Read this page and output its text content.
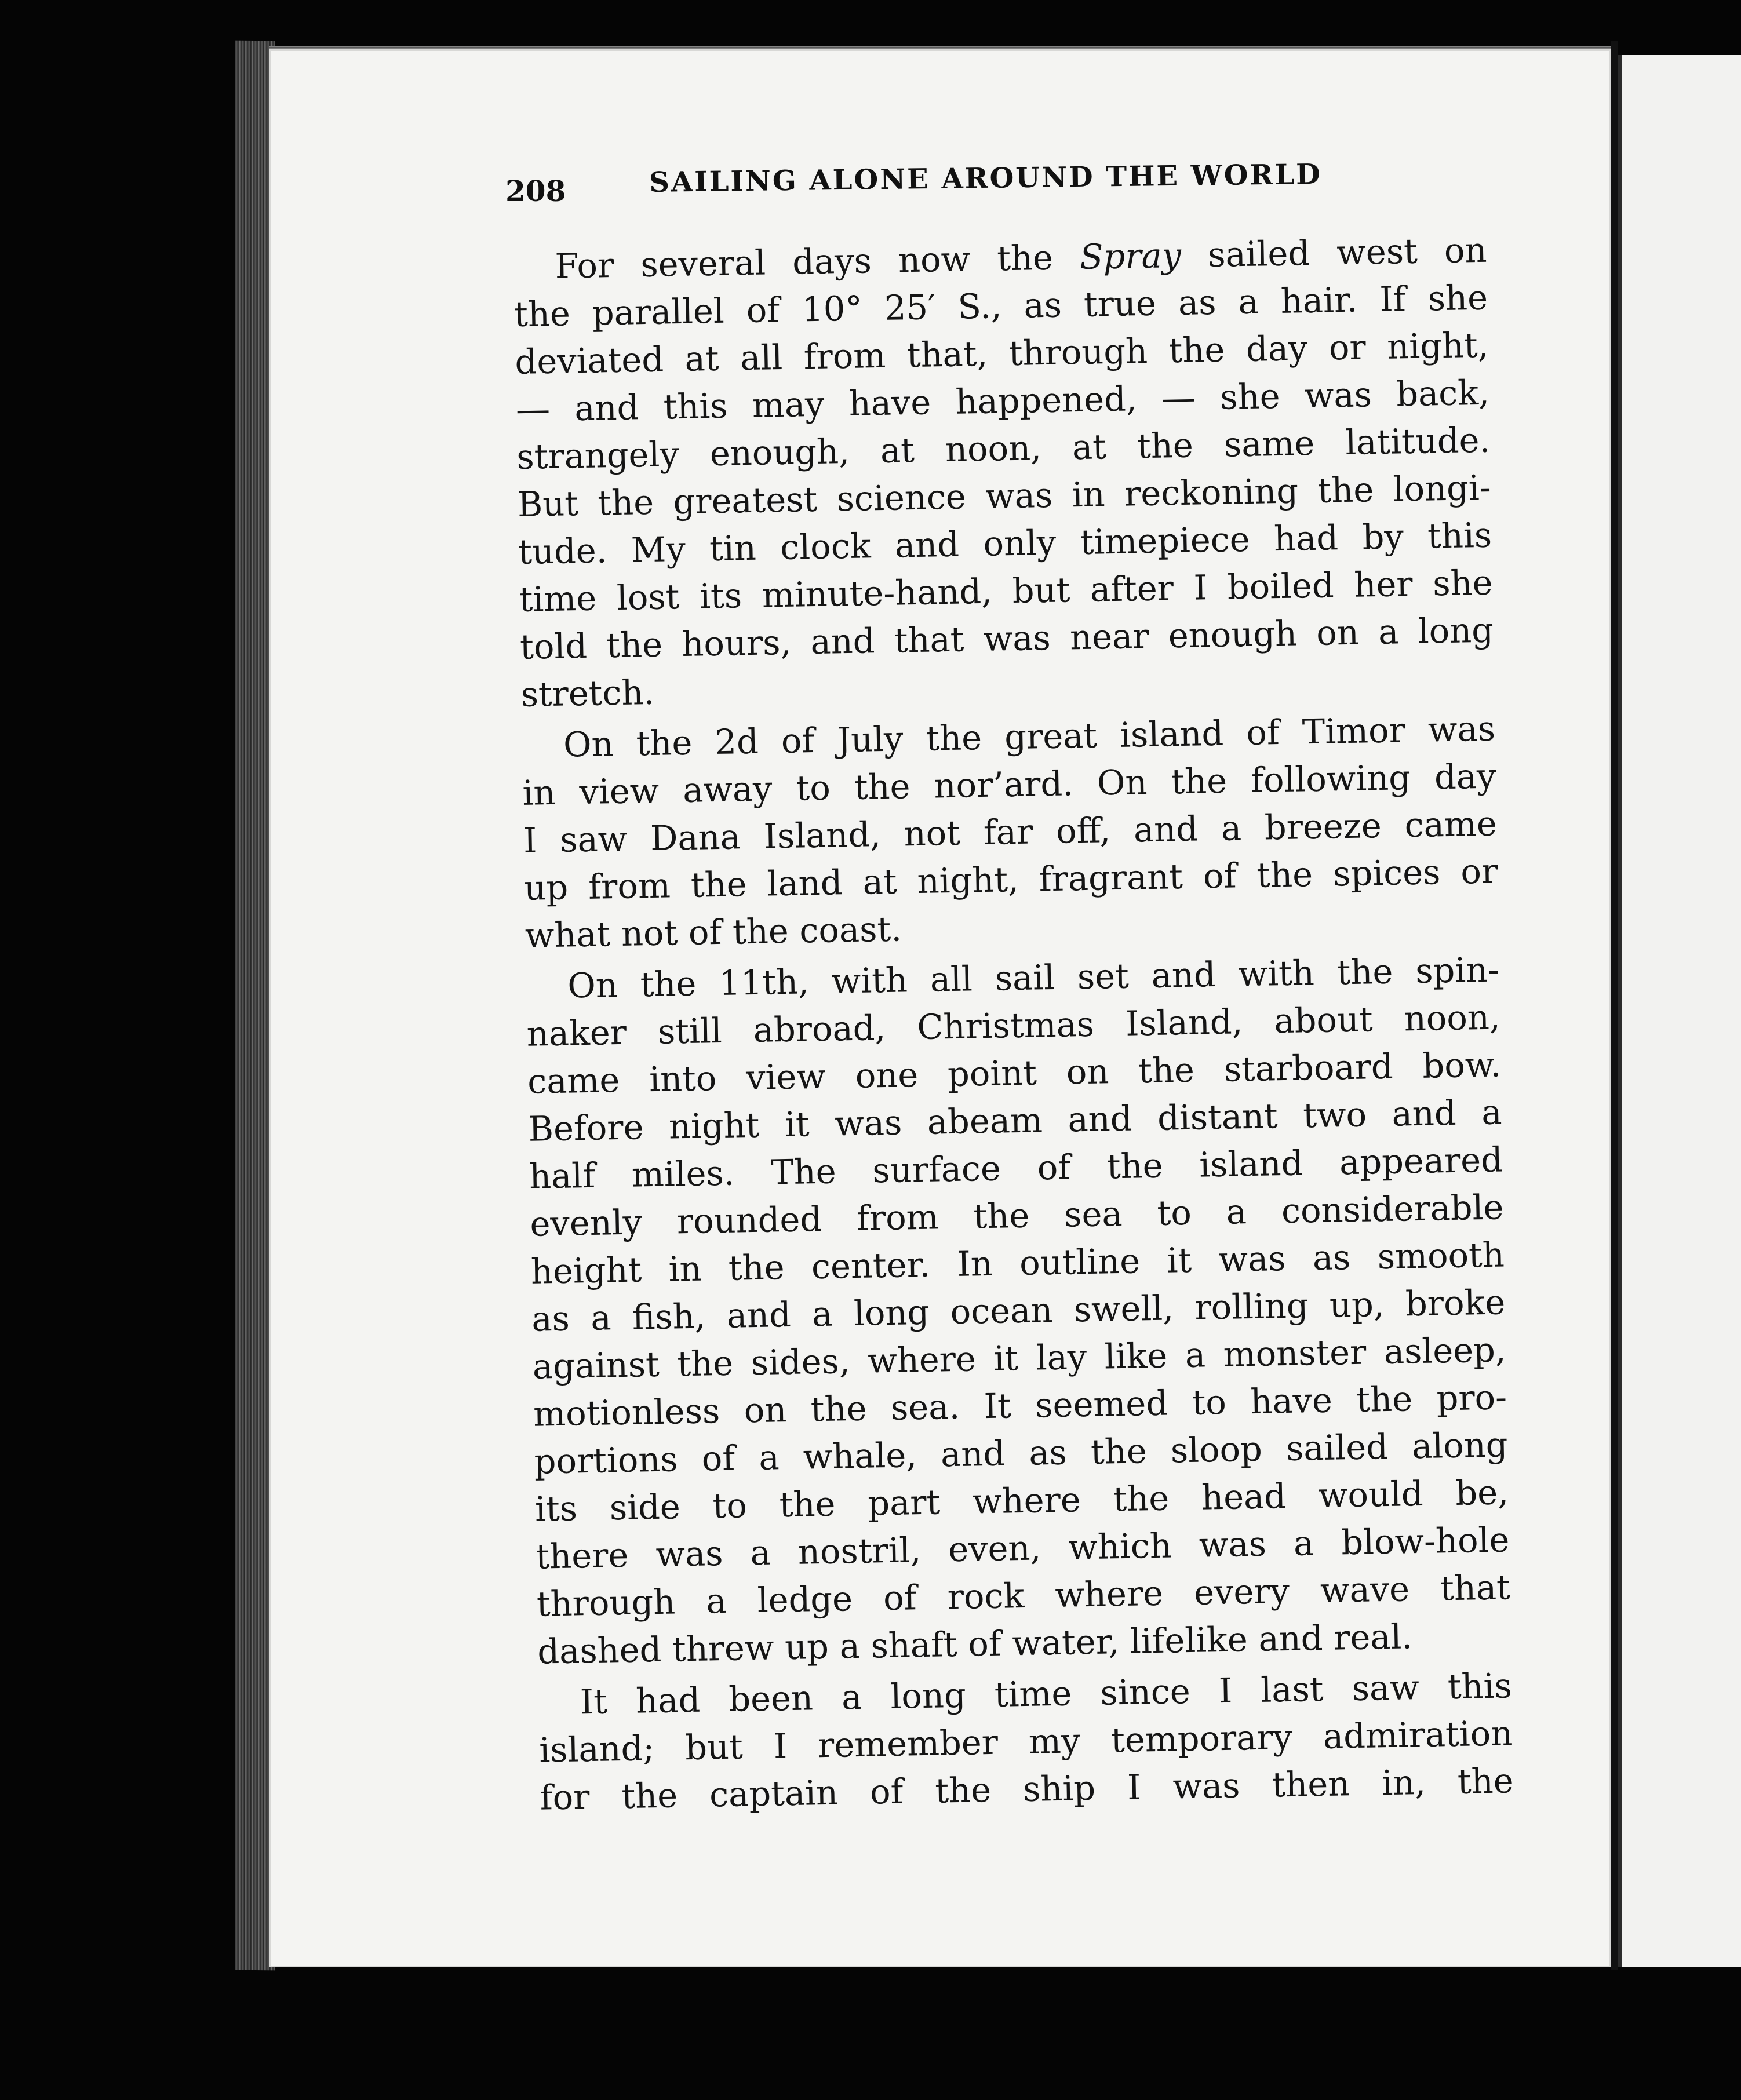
208	SAILING ALONE AROUND THE WORLD
For several days now the Spray sailed west on
the parallel of 10° 25′ S., as true as a hair. If she
deviated at all from that, through the day or night,
— and this may have happened, — she was back,
strangely enough, at noon, at the same latitude.
But the greatest science was in reckoning the longi-
tude. My tin clock and only timepiece had by this
time lost its minute-hand, but after I boiled her she
told the hours, and that was near enough on a long
stretch.
On the 2d of July the great island of Timor was
in view away to the nor’ard. On the following day
I saw Dana Island, not far off, and a breeze came
up from the land at night, fragrant of the spices or
what not of the coast.
On the 11th, with all sail set and with the spin-
naker still abroad, Christmas Island, about noon,
came into view one point on the starboard bow.
Before night it was abeam and distant two and a
half miles. The surface of the island appeared
evenly rounded from the sea to a considerable
height in the center. In outline it was as smooth
as a fish, and a long ocean swell, rolling up, broke
against the sides, where it lay like a monster asleep,
motionless on the sea. It seemed to have the pro-
portions of a whale, and as the sloop sailed along
its side to the part where the head would be,
there was a nostril, even, which was a blow-hole
through a ledge of rock where every wave that
dashed threw up a shaft of water, lifelike and real.
It had been a long time since I last saw this
island; but I remember my temporary admiration
for the captain of the ship I was then in, the
